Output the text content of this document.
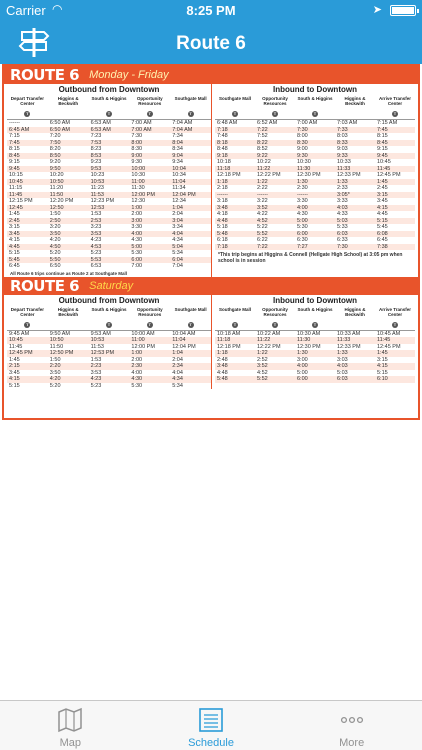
Carrier ◠	8:25 PM	➤
Route 6
ROUTE 6 Monday - Friday
Outbound from Downtown
Depart Transfer Center
T
Higgins & Beckwith
South & Higgins
T
Opportunity Resources
T
Southgate Mall
T
------	6:50 AM	6:53 AM	7:00 AM	7:04 AM
6:45 AM	6:50 AM	6:53 AM	7:00 AM	7:04 AM
7:15	7:20	7:23	7:30	7:34
7:45	7:50	7:53	8:00	8:04
8:15	8:20	8:23	8:30	8:34
8:45	8:50	8:53	9:00	9:04
9:15	9:20	9:23	9:30	9:34
9:45	9:50	9:53	10:00	10:04
10:15	10:20	10:23	10:30	10:34
10:45	10:50	10:53	11:00	11:04
11:15	11:20	11:23	11:30	11:34
11:45	11:50	11:53	12:00 PM	12:04 PM
12:15 PM	12:20 PM	12:23 PM	12:30	12:34
12:45	12:50	12:53	1:00	1:04
1:45	1:50	1:53	2:00	2:04
2:45	2:50	2:53	3:00	3:04
3:15	3:20	3:23	3:30	3:34
3:45	3:50	3:53	4:00	4:04
4:15	4:20	4:23	4:30	4:34
4:45	4:50	4:53	5:00	5:04
5:15	5:20	5:23	5:30	5:34
5:45	5:50	5:53	6:00	6:04
6:45	6:50	6:53	7:00	7:04
All Route 6 trips continue as Route 2 at Southgate Mall
Inbound to Downtown
Southgate Mall
T
Opportunity Resources
T
South & Higgins
T
Higgins & Beckwith
Arrive Transfer Center
T
6:48 AM	6:52 AM	7:00 AM	7:03 AM	7:15 AM
7:18	7:22	7:30	7:33	7:45
7:48	7:52	8:00	8:03	8:15
8:18	8:22	8:30	8:33	8:45
8:48	8:52	9:00	9:03	9:15
9:18	9:22	9:30	9:33	9:45
10:18	10:22	10:30	10:33	10:45
11:18	11:22	11:30	11:33	11:45
12:18 PM	12:22 PM	12:30 PM	12:33 PM	12:45 PM
1:18	1:22	1:30	1:33	1:45
2:18	2:22	2:30	2:33	2:45
------	------	------	3:05*	3:15
3:18	3:22	3:30	3:33	3:45
3:48	3:52	4:00	4:03	4:15
4:18	4:22	4:30	4:33	4:45
4:48	4:52	5:00	5:03	5:15
5:18	5:22	5:30	5:33	5:45
5:48	5:52	6:00	6:03	6:08
6:18	6:22	6:30	6:33	6:45
7:18	7:22	7:27	7:30	7:38
*This trip begins at Higgins & Connell (Hellgate High School) at 3:05 pm when school is in session
ROUTE 6 Saturday
Outbound from Downtown
Depart Transfer Center
T
Higgins & Beckwith
South & Higgins
T
Opportunity Resources
T
Southgate Mall
T
9:45 AM	9:50 AM	9:53 AM	10:00 AM	10:04 AM
10:45	10:50	10:53	11:00	11:04
11:45	11:50	11:53	12:00 PM	12:04 PM
12:45 PM	12:50 PM	12:53 PM	1:00	1:04
1:45	1:50	1:53	2:00	2:04
2:15	2:20	2:23	2:30	2:34
3:45	3:50	3:53	4:00	4:04
4:15	4:20	4:23	4:30	4:34
5:15	5:20	5:23	5:30	5:34
Inbound to Downtown
Southgate Mall
T
Opportunity Resources
T
South & Higgins
T
Higgins & Beckwith
Arrive Transfer Center
T
10:18 AM	10:22 AM	10:30 AM	10:33 AM	10:45 AM
11:18	11:22	11:30	11:33	11:45
12:18 PM	12:22 PM	12:30 PM	12:33 PM	12:45 PM
1:18	1:22	1:30	1:33	1:45
2:48	2:52	3:00	3:03	3:15
3:48	3:52	4:00	4:03	4:15
4:48	4:52	5:00	5:03	5:15
5:48	5:52	6:00	6:03	6:10
Map	Schedule	More
